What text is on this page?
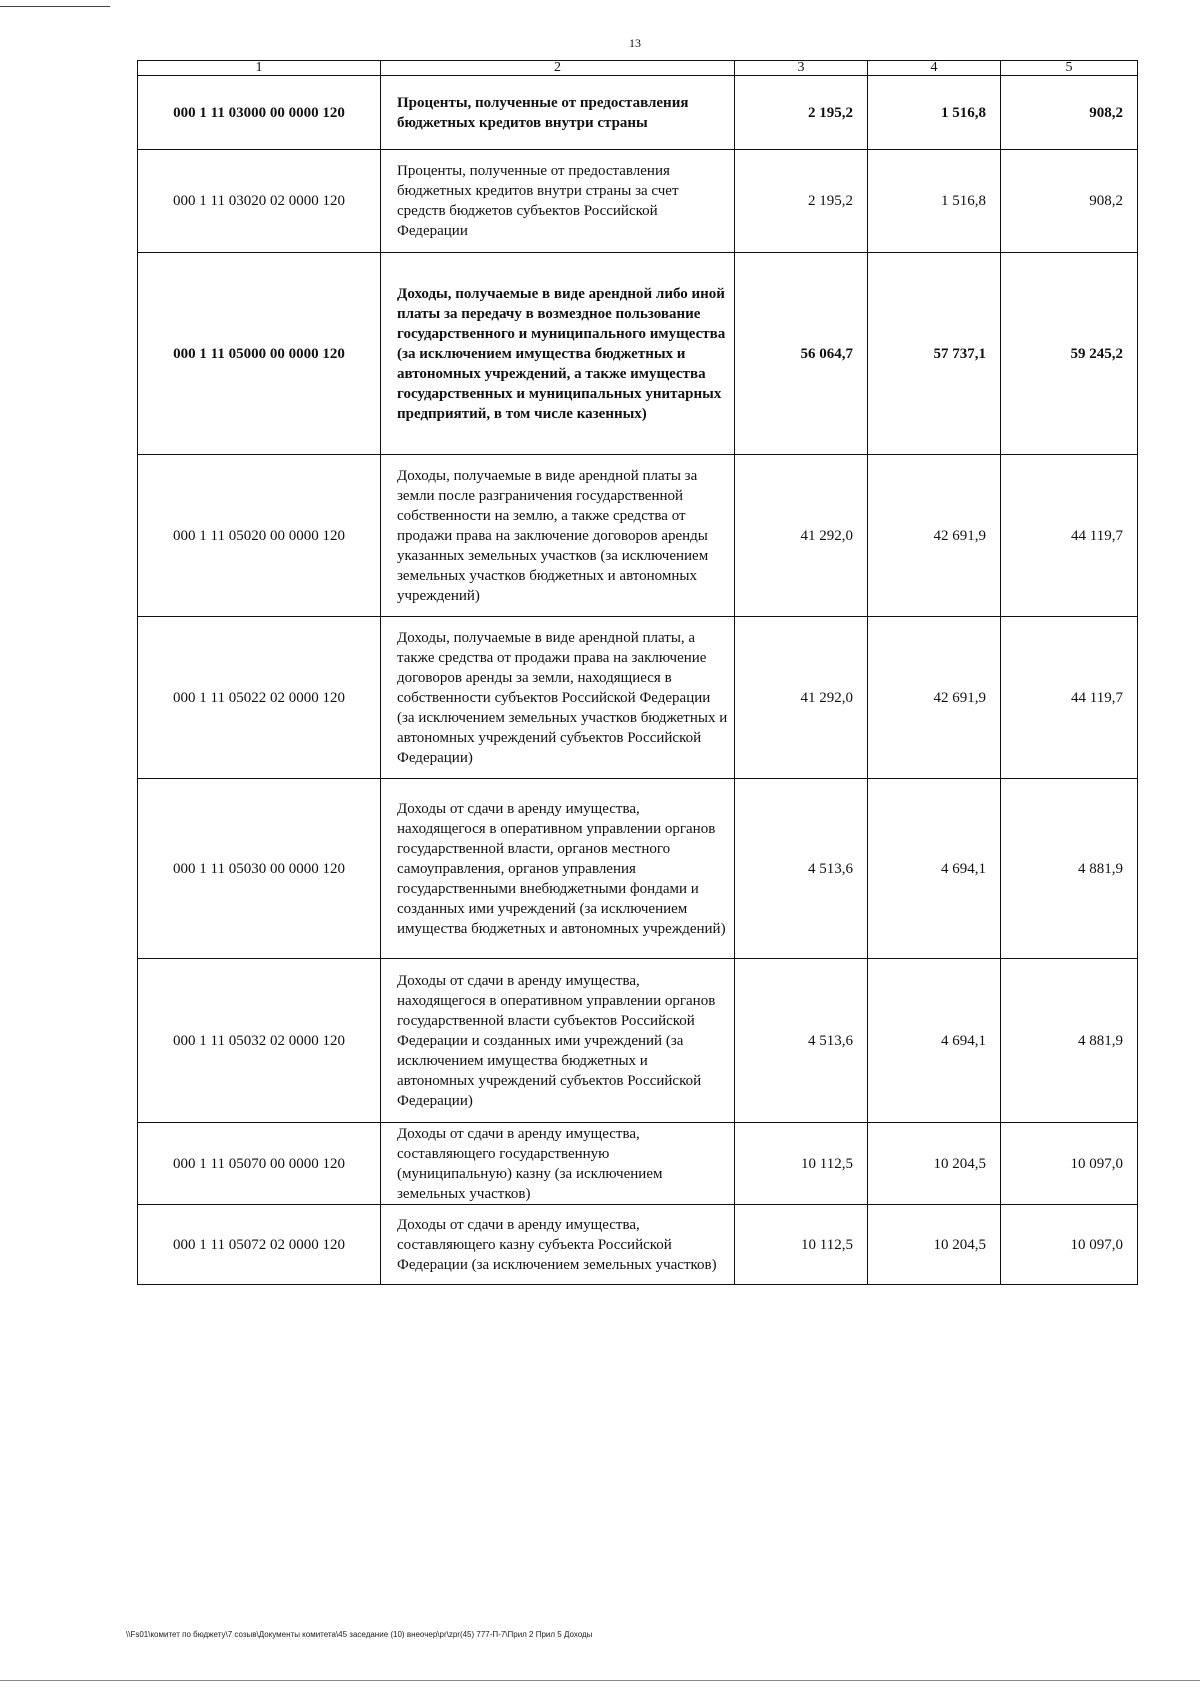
13
1	2	3	4	5
000 1 11 03000 00 0000 120	Проценты, полученные от предоставления бюджетных кредитов внутри страны	2 195,2	1 516,8	908,2
000 1 11 03020 02 0000 120	Проценты, полученные от предоставления бюджетных кредитов внутри страны за счет средств бюджетов субъектов Российской Федерации	2 195,2	1 516,8	908,2
000 1 11 05000 00 0000 120	Доходы, получаемые в виде арендной либо иной платы за передачу в возмездное пользование государственного и муниципального имущества (за исключением имущества бюджетных и автономных учреждений, а также имущества государственных и муниципальных унитарных предприятий, в том числе казенных)	56 064,7	57 737,1	59 245,2
000 1 11 05020 00 0000 120	Доходы, получаемые в виде арендной платы за земли после разграничения государственной собственности на землю, а также средства от продажи права на заключение договоров аренды указанных земельных участков (за исключением земельных участков бюджетных и автономных учреждений)	41 292,0	42 691,9	44 119,7
000 1 11 05022 02 0000 120	Доходы, получаемые в виде арендной платы, а также средства от продажи права на заключение договоров аренды за земли, находящиеся в собственности субъектов Российской Федерации (за исключением земельных участков бюджетных и автономных учреждений субъектов Российской Федерации)	41 292,0	42 691,9	44 119,7
000 1 11 05030 00 0000 120	Доходы от сдачи в аренду имущества, находящегося в оперативном управлении органов государственной власти, органов местного самоуправления, органов управления государственными внебюджетными фондами и созданных ими учреждений (за исключением имущества бюджетных и автономных учреждений)	4 513,6	4 694,1	4 881,9
000 1 11 05032 02 0000 120	Доходы от сдачи в аренду имущества, находящегося в оперативном управлении органов государственной власти субъектов Российской Федерации и созданных ими учреждений (за исключением имущества бюджетных и автономных учреждений субъектов Российской Федерации)	4 513,6	4 694,1	4 881,9
000 1 11 05070 00 0000 120	Доходы от сдачи в аренду имущества, составляющего государственную (муниципальную) казну (за исключением земельных участков)	10 112,5	10 204,5	10 097,0
000 1 11 05072 02 0000 120	Доходы от сдачи в аренду имущества, составляющего казну субъекта Российской Федерации (за исключением земельных участков)	10 112,5	10 204,5	10 097,0
\\Fs01\комитет по бюджету\7 созыв\Документы комитета\45 заседание (10) внеочер\pr\zpr(45) 777-П-7\Прил 2 Прил 5 Доходы
